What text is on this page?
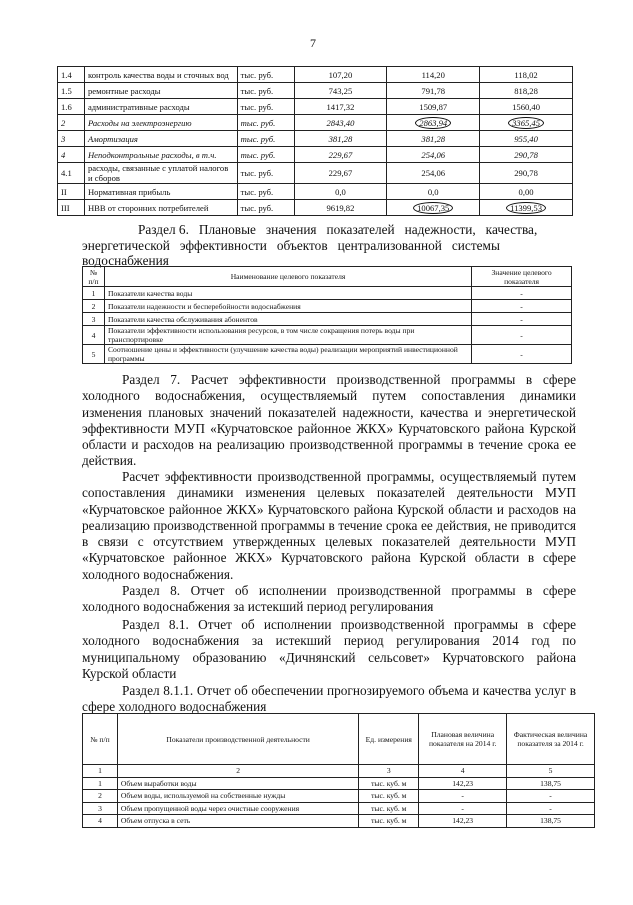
7
1.4	контроль качества воды и сточных вод	тыс. руб.	107,20	114,20	118,02
1.5	ремонтные расходы	тыс. руб.	743,25	791,78	818,28
1.6	административные расходы	тыс. руб.	1417,32	1509,87	1560,40
2	Расходы на электроэнергию	тыс. руб.	2843,40	2863,94	3365,45
3	Амортизация	тыс. руб.	381,28	381,28	955,40
4	Неподконтрольные расходы, в т.ч.	тыс. руб.	229,67	254,06	290,78
4.1	расходы, связанные с уплатой налогов и сборов	тыс. руб.	229,67	254,06	290,78
II	Нормативная прибыль	тыс. руб.	0,0	0,0	0,00
III	НВВ от сторонних потребителей	тыс. руб.	9619,82	10067,35	11399,53
Раздел 6.   Плановые   значения   показателей   надежности,   качества,
энергетической   эффективности   объектов   централизованной   системы
водоснабжения
№ п/п	Наименование целевого показателя	Значение целевого показателя
1	Показатели качества воды	-
2	Показатели надежности и бесперебойности водоснабжения	-
3	Показатели качества обслуживания абонентов	-
4	Показатели эффективности использования ресурсов, в том числе сокращения потерь воды при транспортировке	-
5	Соотношение цены и эффективности (улучшение качества воды) реализации мероприятий инвестиционной программы	-
Раздел 7. Расчет эффективности производственной программы в сфере холодного водоснабжения, осуществляемый путем сопоставления динамики изменения плановых значений показателей надежности, качества и энергетической эффективности МУП «Курчатовское районное ЖКХ» Курчатовского района Курской области и расходов на реализацию производственной программы в течение срока ее действия.
Расчет эффективности производственной программы, осуществляемый путем сопоставления динамики изменения целевых показателей деятельности МУП «Курчатовское районное ЖКХ» Курчатовского района Курской области и расходов на реализацию производственной программы в течение срока ее действия, не приводится в связи с отсутствием утвержденных целевых показателей деятельности МУП «Курчатовское районное ЖКХ» Курчатовского района Курской области в сфере холодного водоснабжения.
Раздел 8. Отчет об исполнении производственной программы в сфере холодного водоснабжения за истекший период регулирования
Раздел 8.1. Отчет об исполнении производственной программы в сфере холодного водоснабжения за истекший период регулирования 2014 год по муниципальному образованию «Дичнянский сельсовет» Курчатовского района Курской области
Раздел 8.1.1. Отчет об обеспечении прогнозируемого объема и качества услуг в сфере холодного водоснабжения
№ п/п	Показатели производственной деятельности	Ед. измерения	Плановая величина показателя на 2014 г.	Фактическая величина показателя за 2014 г.
1	2	3	4	5
1	Объем выработки воды	тыс. куб. м	142,23	138,75
2	Объем воды, используемой на собственные нужды	тыс. куб. м	-	-
3	Объем пропущенной воды через очистные сооружения	тыс. куб. м	-	-
4	Объем отпуска в сеть	тыс. куб. м	142,23	138,75
